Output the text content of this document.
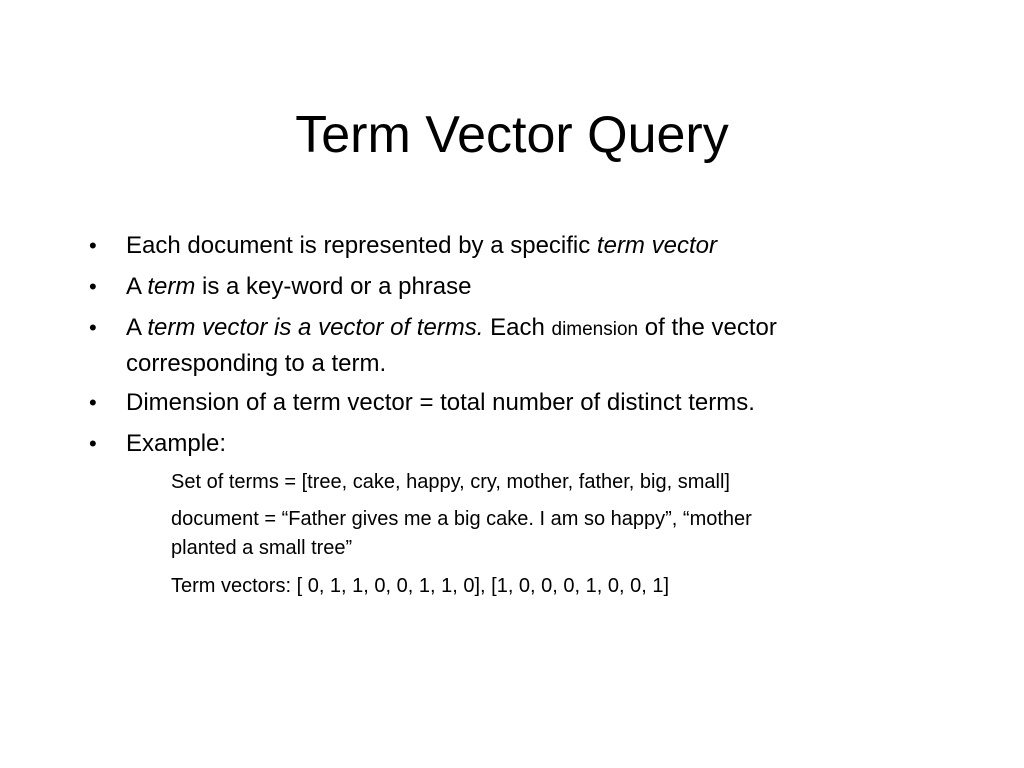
Term Vector Query
• Each document is represented by a specific term vector
• A term is a key-word or a phrase
• A term vector is a vector of terms. Each dimension of the vector
corresponding to a term.
• Dimension of a term vector = total number of distinct terms.
• Example:
Set of terms = [tree, cake, happy, cry, mother, father, big, small]
document = “Father gives me a big cake. I am so happy”, “mother
planted a small tree”
Term vectors: [ 0, 1, 1, 0, 0, 1, 1, 0], [1, 0, 0, 0, 1, 0, 0, 1]
